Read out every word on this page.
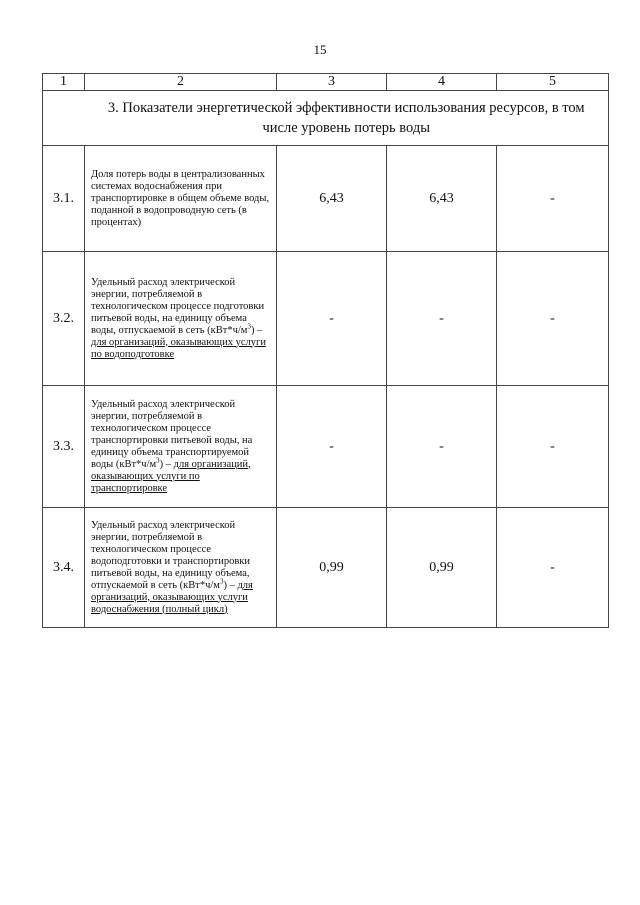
15
1	2	3	4	5
	3. Показатели энергетической эффективности использования ресурсов, в том числе уровень потерь воды			
3.1.	Доля потерь воды в централизованных системах водоснабжения при транспортировке в общем объеме воды, поданной в водопроводную сеть (в процентах)	6,43	6,43	-
3.2.	Удельный расход электрической энергии, потребляемой в технологическом процессе подготовки питьевой воды, на единицу объема воды, отпускаемой в сеть $(кВт*ч/м^3)$ – для организаций, оказывающих услуги по водоподготовке	-	-	-
3.3.	Удельный расход электрической энергии, потребляемой в технологическом процессе транспортировки питьевой воды, на единицу объема транспортируемой воды $(кВт*ч/м^3)$ – для организаций, оказывающих услуги по транспортировке	-	-	-
3.4.	Удельный расход электрической энергии, потребляемой в технологическом процессе водоподготовки и транспортировки питьевой воды, на единицу объема, отпускаемой в сеть $(кВт*ч/м^3)$ – для организаций, оказывающих услуги водоснабжения (полный цикл)	0,99	0,99	-
